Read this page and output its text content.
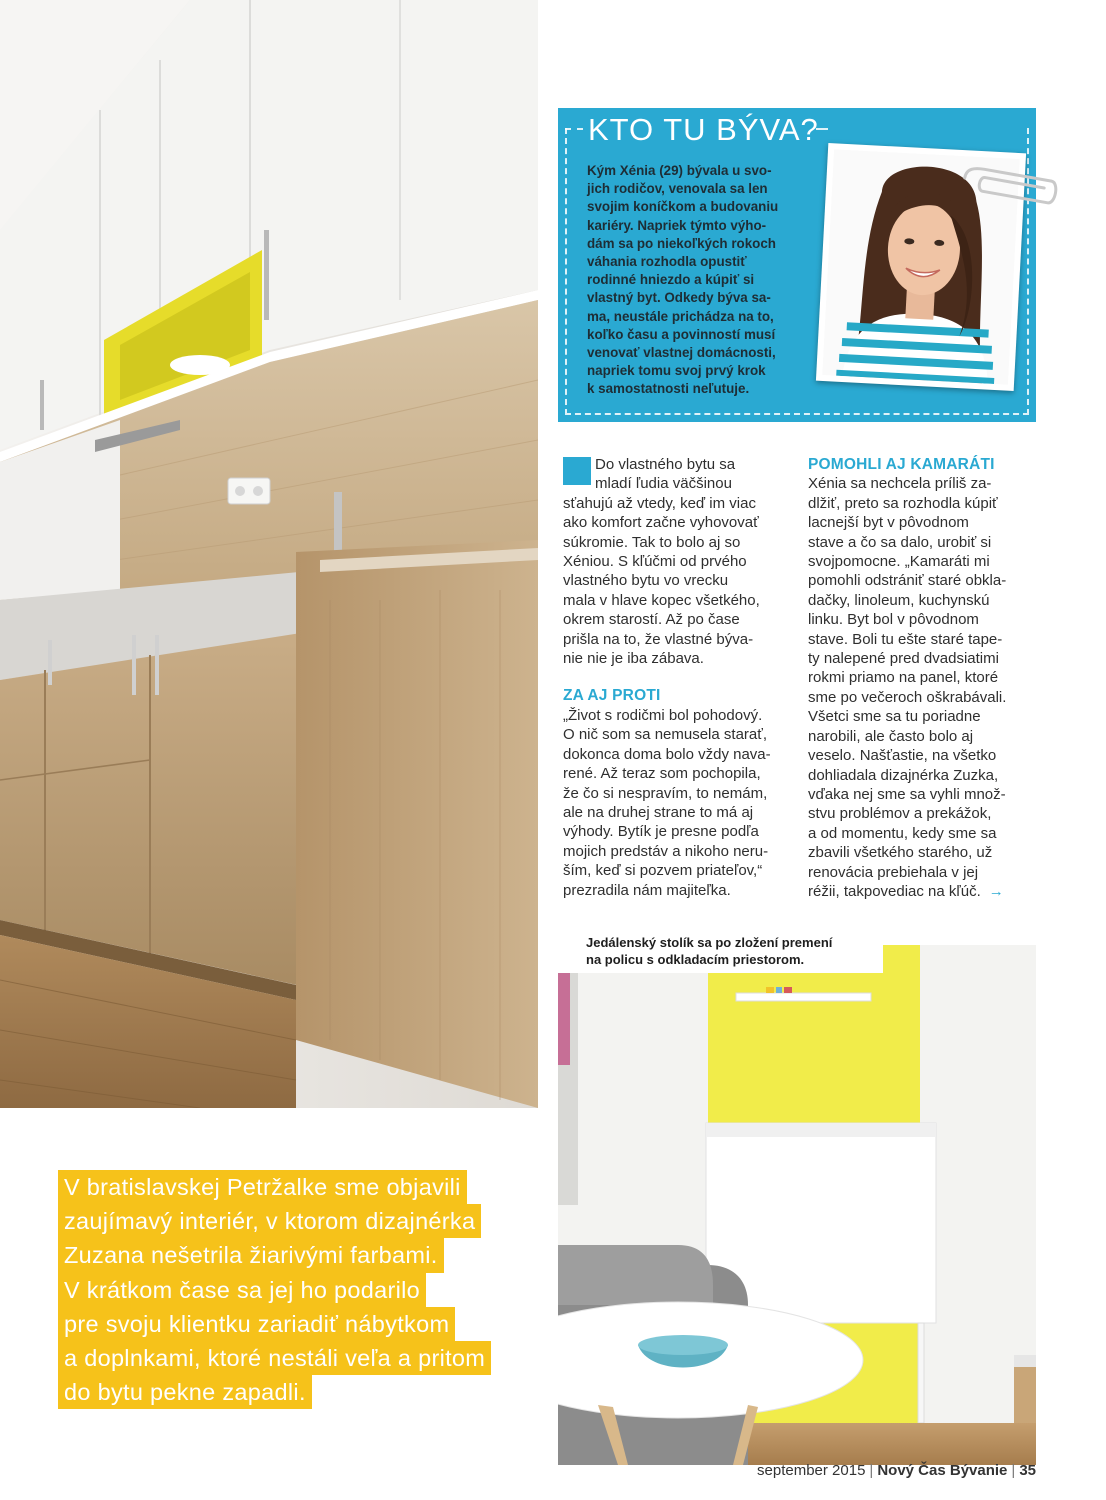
KTO TU BÝVA?
Kým Xénia (29) bývala u svo-
jich rodičov, venovala sa len
svojim koníčkom a budovaniu
kariéry. Napriek týmto výho-
dám sa po niekoľkých rokoch
váhania rozhodla opustiť
rodinné hniezdo a kúpiť si
vlastný byt. Odkedy býva sa-
ma, neustále prichádza na to,
koľko času a povinností musí
venovať vlastnej domácnosti,
napriek tomu svoj prvý krok
k samostatnosti neľutuje.
Do vlastného bytu sa
mladí ľudia väčšinou
sťahujú až vtedy, keď im viac
ako komfort začne vyhovovať
súkromie. Tak to bolo aj so
Xéniou. S kľúčmi od prvého
vlastného bytu vo vrecku
mala v hlave kopec všetkého,
okrem starostí. Až po čase
prišla na to, že vlastné býva-
nie nie je iba zábava.
ZA AJ PROTI
„Život s rodičmi bol pohodový.
O nič som sa nemusela starať,
dokonca doma bolo vždy nava-
rené. Až teraz som pochopila,
že čo si nespravím, to nemám,
ale na druhej strane to má aj
výhody. Bytík je presne podľa
mojich predstáv a nikoho neru-
ším, keď si pozvem priateľov,“
prezradila nám majiteľka.
POMOHLI AJ KAMARÁTI
Xénia sa nechcela príliš za-
dlžiť, preto sa rozhodla kúpiť
lacnejší byt v pôvodnom
stave a čo sa dalo, urobiť si
svojpomocne. „Kamaráti mi
pomohli odstrániť staré obkla-
dačky, linoleum, kuchynskú
linku. Byt bol v pôvodnom
stave. Boli tu ešte staré tape-
ty nalepené pred dvadsiatimi
rokmi priamo na panel, ktoré
sme po večeroch oškrabávali.
Všetci sme sa tu poriadne
narobili, ale často bolo aj
veselo. Našťastie, na všetko
dohliadala dizajnérka Zuzka,
vďaka nej sme sa vyhli množ-
stvu problémov a prekážok,
a od momentu, kedy sme sa
zbavili všetkého starého, už
renovácia prebiehala v jej
réžii, takpovediac na kľúč. →
Jedálenský stolík sa po zložení premení
na policu s odkladacím priestorom.
V bratislavskej Petržalke sme objavili
zaujímavý interiér, v ktorom dizajnérka
Zuzana nešetrila žiarivými farbami.
V krátkom čase sa jej ho podarilo
pre svoju klientku zariadiť nábytkom
a doplnkami, ktoré nestáli veľa a pritom
do bytu pekne zapadli.
september 2015 | Nový Čas Bývanie | 35
